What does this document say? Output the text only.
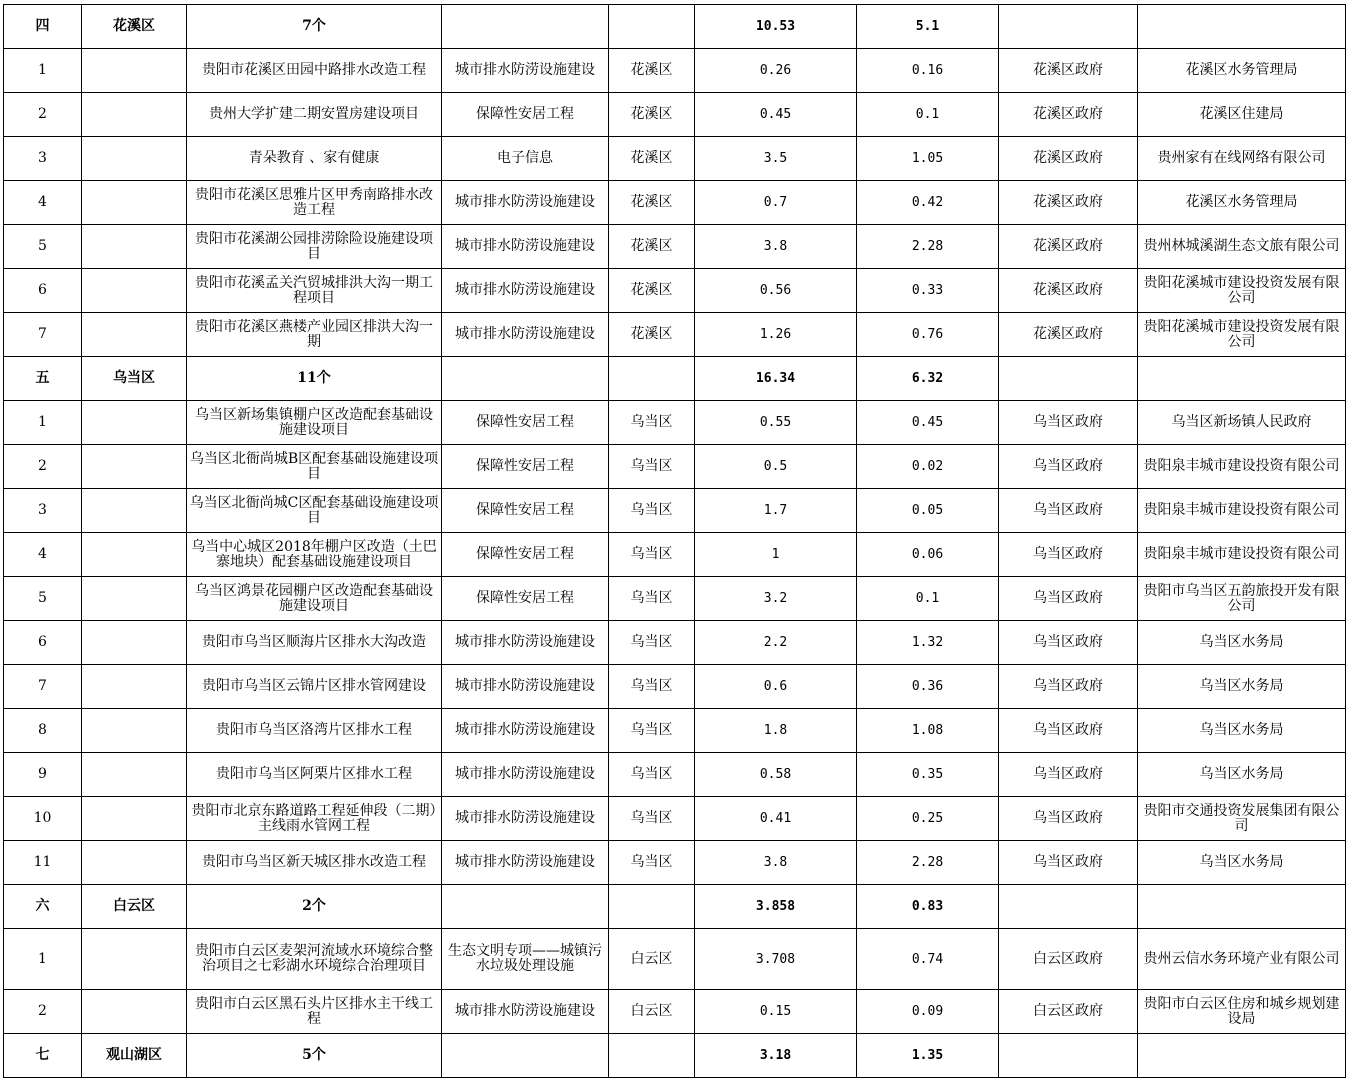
四	花溪区	7个			10.53	5.1		
1		贵阳市花溪区田园中路排水改造工程	城市排水防涝设施建设	花溪区	0.26	0.16	花溪区政府	花溪区水务管理局
2		贵州大学扩建二期安置房建设项目	保障性安居工程	花溪区	0.45	0.1	花溪区政府	花溪区住建局
3		青朵教育 、家有健康	电子信息	花溪区	3.5	1.05	花溪区政府	贵州家有在线网络有限公司
4		贵阳市花溪区思雅片区甲秀南路排水改造工程	城市排水防涝设施建设	花溪区	0.7	0.42	花溪区政府	花溪区水务管理局
5		贵阳市花溪湖公园排涝除险设施建设项目	城市排水防涝设施建设	花溪区	3.8	2.28	花溪区政府	贵州林城溪湖生态文旅有限公司
6		贵阳市花溪孟关汽贸城排洪大沟一期工程项目	城市排水防涝设施建设	花溪区	0.56	0.33	花溪区政府	贵阳花溪城市建设投资发展有限公司
7		贵阳市花溪区燕楼产业园区排洪大沟一期	城市排水防涝设施建设	花溪区	1.26	0.76	花溪区政府	贵阳花溪城市建设投资发展有限公司
五	乌当区	11个			16.34	6.32		
1		乌当区新场集镇棚户区改造配套基础设施建设项目	保障性安居工程	乌当区	0.55	0.45	乌当区政府	乌当区新场镇人民政府
2		乌当区北衙尚城B区配套基础设施建设项目	保障性安居工程	乌当区	0.5	0.02	乌当区政府	贵阳泉丰城市建设投资有限公司
3		乌当区北衙尚城C区配套基础设施建设项目	保障性安居工程	乌当区	1.7	0.05	乌当区政府	贵阳泉丰城市建设投资有限公司
4		乌当中心城区2018年棚户区改造（土巴寨地块）配套基础设施建设项目	保障性安居工程	乌当区	1	0.06	乌当区政府	贵阳泉丰城市建设投资有限公司
5		乌当区鸿景花园棚户区改造配套基础设施建设项目	保障性安居工程	乌当区	3.2	0.1	乌当区政府	贵阳市乌当区五韵旅投开发有限公司
6		贵阳市乌当区顺海片区排水大沟改造	城市排水防涝设施建设	乌当区	2.2	1.32	乌当区政府	乌当区水务局
7		贵阳市乌当区云锦片区排水管网建设	城市排水防涝设施建设	乌当区	0.6	0.36	乌当区政府	乌当区水务局
8		贵阳市乌当区洛湾片区排水工程	城市排水防涝设施建设	乌当区	1.8	1.08	乌当区政府	乌当区水务局
9		贵阳市乌当区阿栗片区排水工程	城市排水防涝设施建设	乌当区	0.58	0.35	乌当区政府	乌当区水务局
10		贵阳市北京东路道路工程延伸段（二期）主线雨水管网工程	城市排水防涝设施建设	乌当区	0.41	0.25	乌当区政府	贵阳市交通投资发展集团有限公司
11		贵阳市乌当区新天城区排水改造工程	城市排水防涝设施建设	乌当区	3.8	2.28	乌当区政府	乌当区水务局
六	白云区	2个			3.858	0.83		
1		贵阳市白云区麦架河流域水环境综合整治项目之七彩湖水环境综合治理项目	生态文明专项——城镇污水垃圾处理设施	白云区	3.708	0.74	白云区政府	贵州云信水务环境产业有限公司
2		贵阳市白云区黑石头片区排水主干线工程	城市排水防涝设施建设	白云区	0.15	0.09	白云区政府	贵阳市白云区住房和城乡规划建设局
七	观山湖区	5个			3.18	1.35		
